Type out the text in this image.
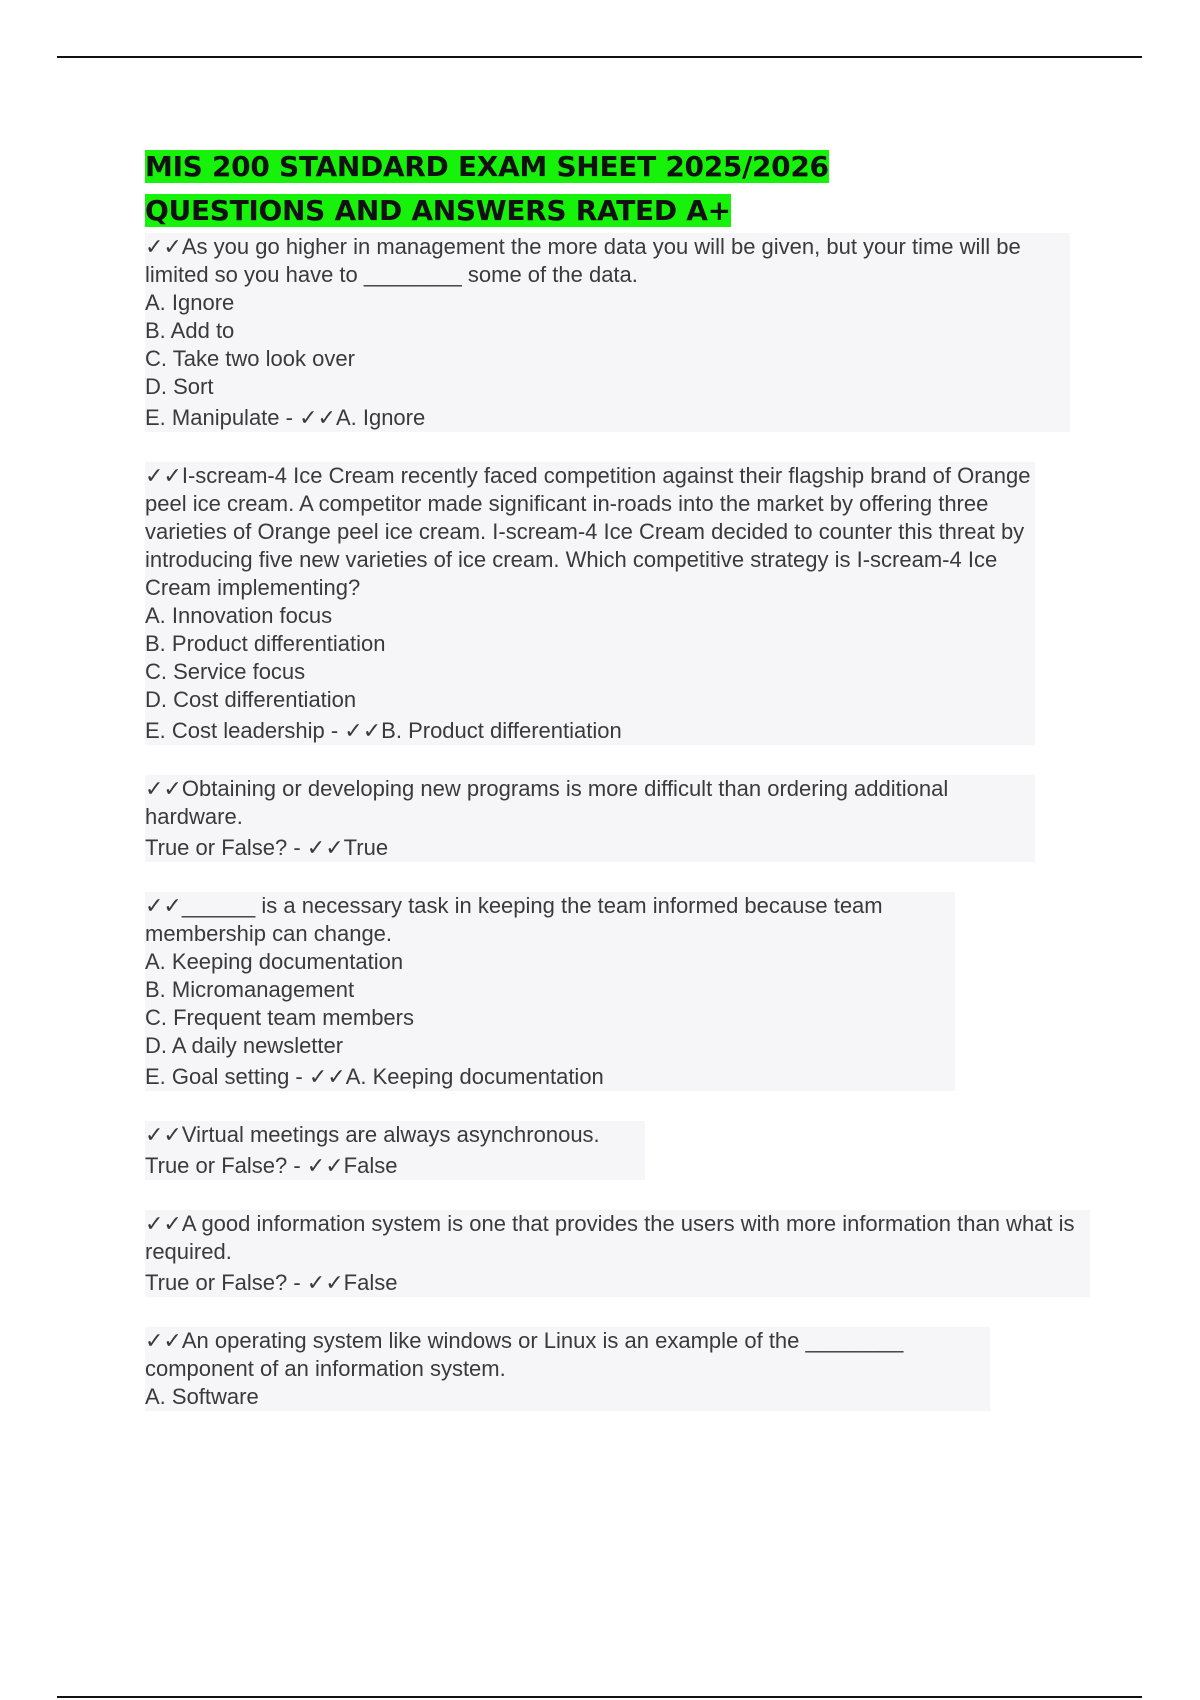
MIS 200 STANDARD EXAM SHEET 2025/2026
QUESTIONS AND ANSWERS RATED A+
✓✓As you go higher in management the more data you will be given, but your time will be limited so you have to ________ some of the data.
A. Ignore
B. Add to
C. Take two look over
D. Sort
E. Manipulate - ✓✓A. Ignore
✓✓I-scream-4 Ice Cream recently faced competition against their flagship brand of Orange peel ice cream. A competitor made significant in-roads into the market by offering three varieties of Orange peel ice cream. I-scream-4 Ice Cream decided to counter this threat by introducing five new varieties of ice cream. Which competitive strategy is I-scream-4 Ice Cream implementing?
A. Innovation focus
B. Product differentiation
C. Service focus
D. Cost differentiation
E. Cost leadership - ✓✓B. Product differentiation
✓✓Obtaining or developing new programs is more difficult than ordering additional hardware.
True or False? - ✓✓True
✓✓______ is a necessary task in keeping the team informed because team membership can change.
A. Keeping documentation
B. Micromanagement
C. Frequent team members
D. A daily newsletter
E. Goal setting - ✓✓A. Keeping documentation
✓✓Virtual meetings are always asynchronous.
True or False? - ✓✓False
✓✓A good information system is one that provides the users with more information than what is required.
True or False? - ✓✓False
✓✓An operating system like windows or Linux is an example of the ________ component of an information system.
A. Software
